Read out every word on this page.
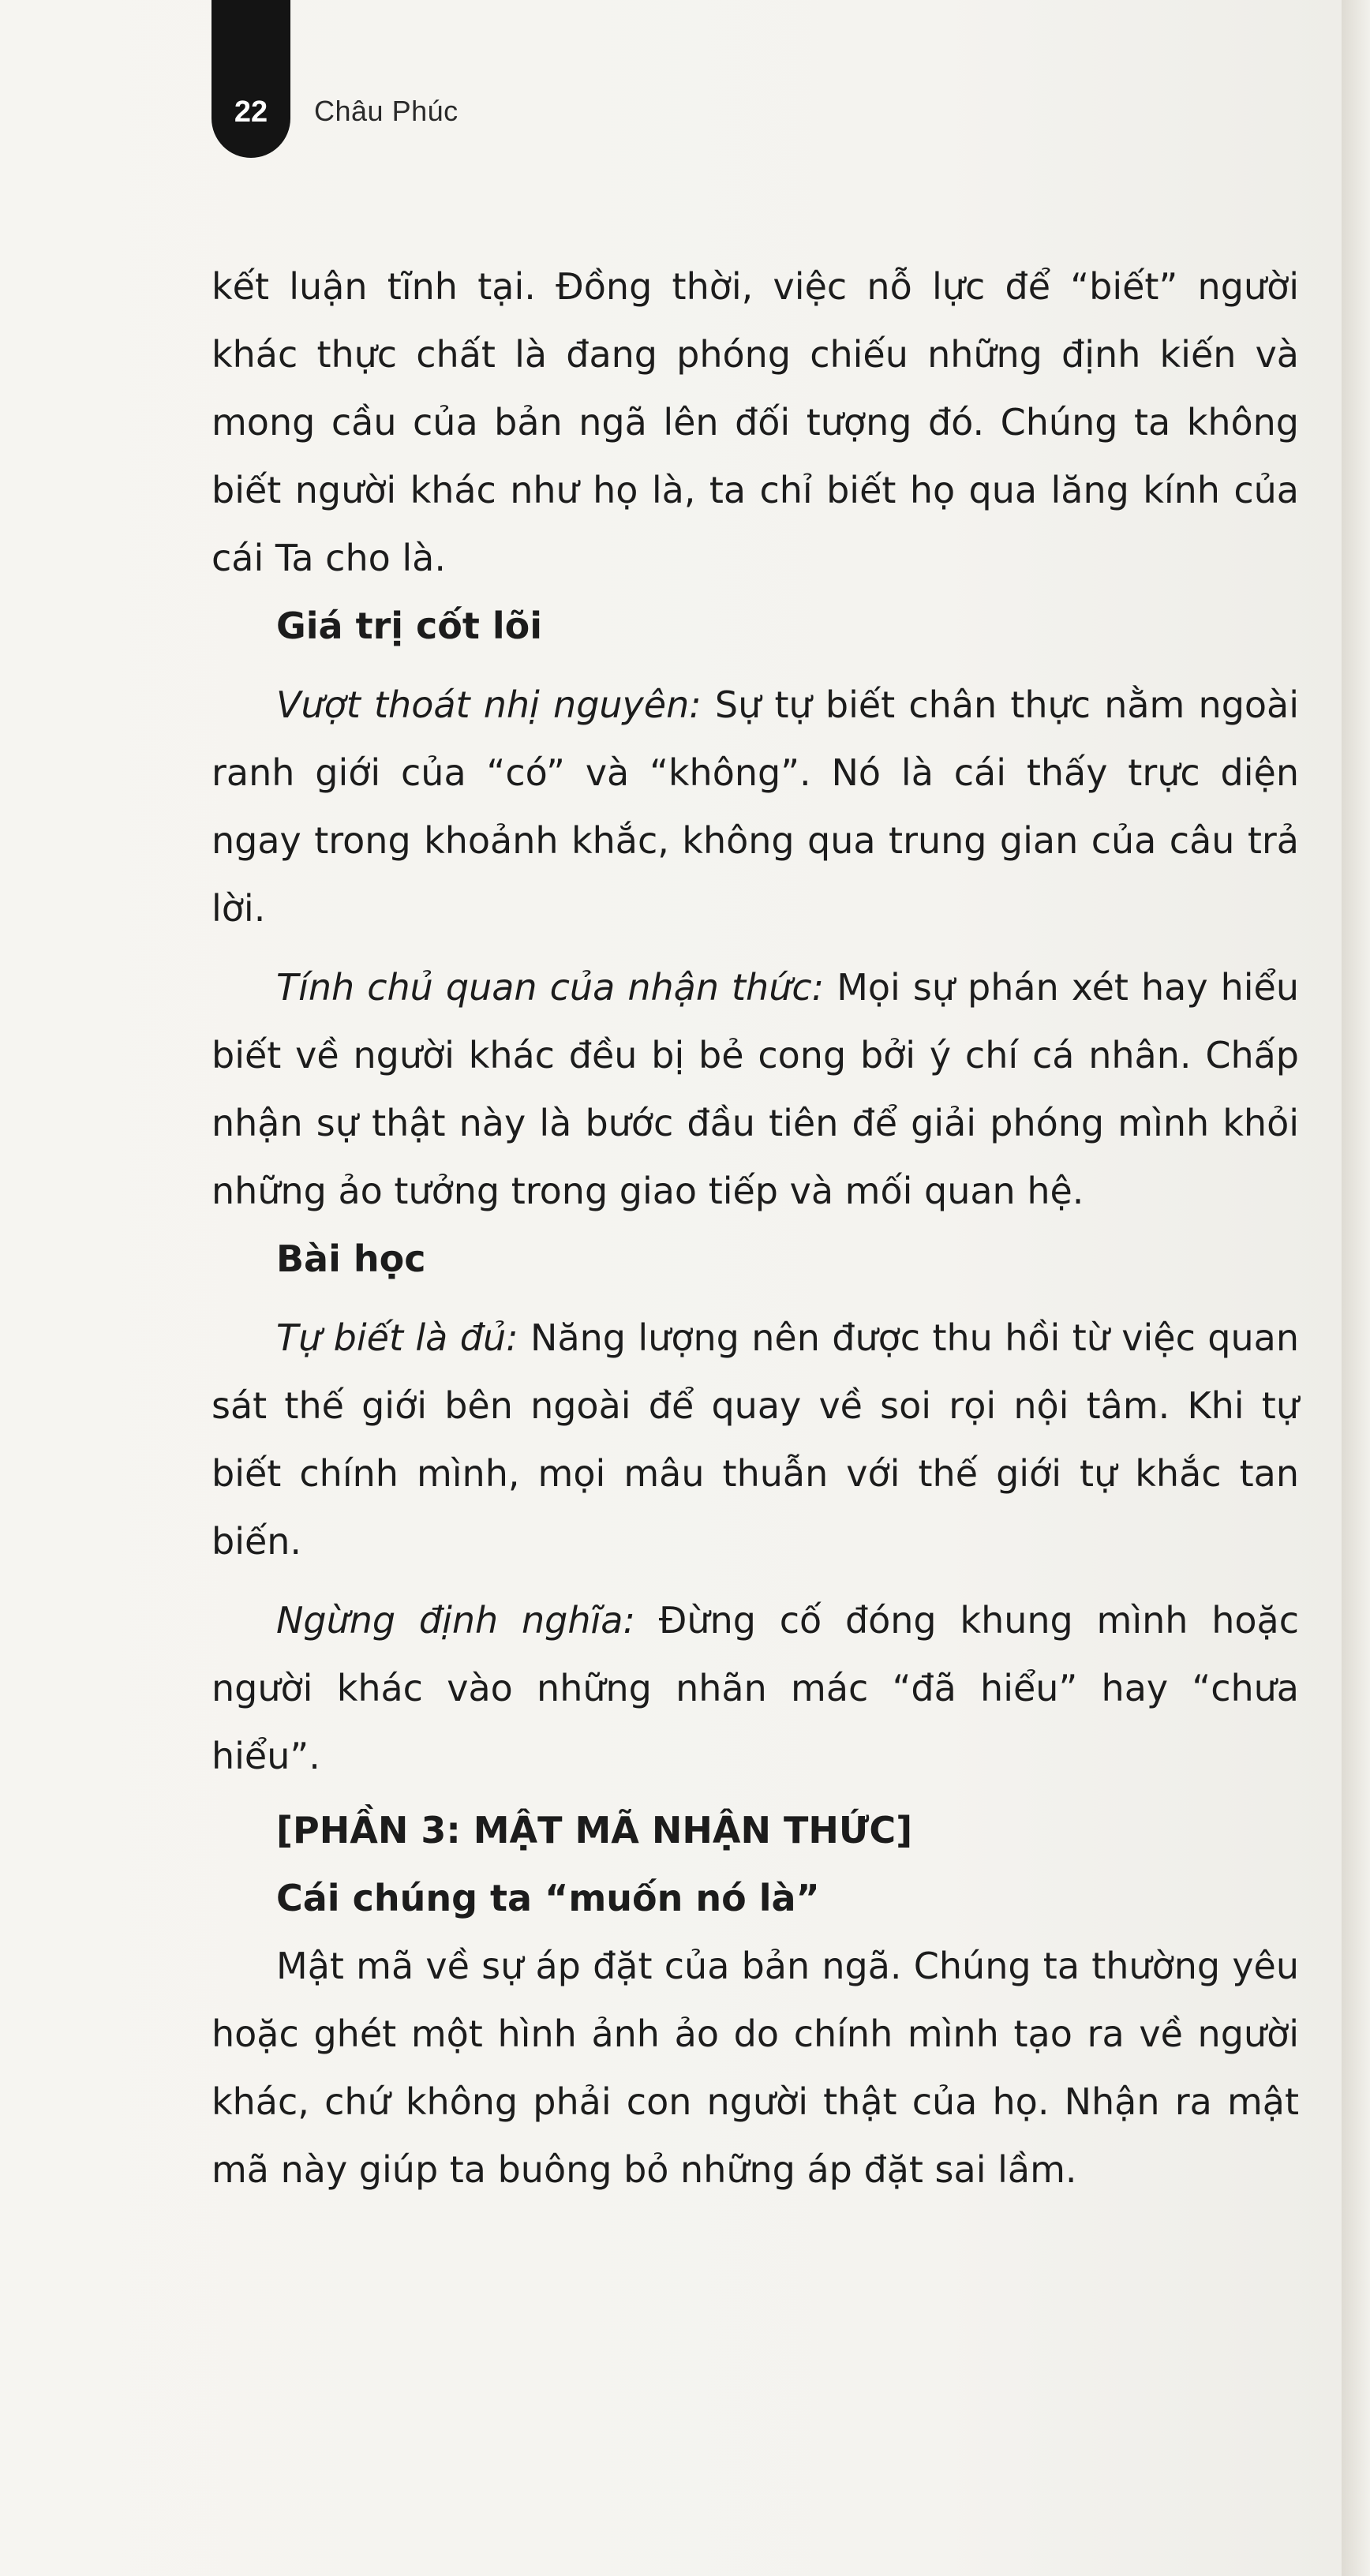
22 Châu Phúc

kết luận tĩnh tại. Đồng thời, việc nỗ lực để “biết” người khác thực chất là đang phóng chiếu những định kiến và mong cầu của bản ngã lên đối tượng đó. Chúng ta không biết người khác như họ là, ta chỉ biết họ qua lăng kính của cái Ta cho là.

Giá trị cốt lõi

Vượt thoát nhị nguyên: Sự tự biết chân thực nằm ngoài ranh giới của “có” và “không”. Nó là cái thấy trực diện ngay trong khoảnh khắc, không qua trung gian của câu trả lời.

Tính chủ quan của nhận thức: Mọi sự phán xét hay hiểu biết về người khác đều bị bẻ cong bởi ý chí cá nhân. Chấp nhận sự thật này là bước đầu tiên để giải phóng mình khỏi những ảo tưởng trong giao tiếp và mối quan hệ.

Bài học

Tự biết là đủ: Năng lượng nên được thu hồi từ việc quan sát thế giới bên ngoài để quay về soi rọi nội tâm. Khi tự biết chính mình, mọi mâu thuẫn với thế giới tự khắc tan biến.

Ngừng định nghĩa: Đừng cố đóng khung mình hoặc người khác vào những nhãn mác “đã hiểu” hay “chưa hiểu”.

[PHẦN 3: MẬT MÃ NHẬN THỨC]

Cái chúng ta “muốn nó là”

Mật mã về sự áp đặt của bản ngã. Chúng ta thường yêu hoặc ghét một hình ảnh ảo do chính mình tạo ra về người khác, chứ không phải con người thật của họ. Nhận ra mật mã này giúp ta buông bỏ những áp đặt sai lầm.
